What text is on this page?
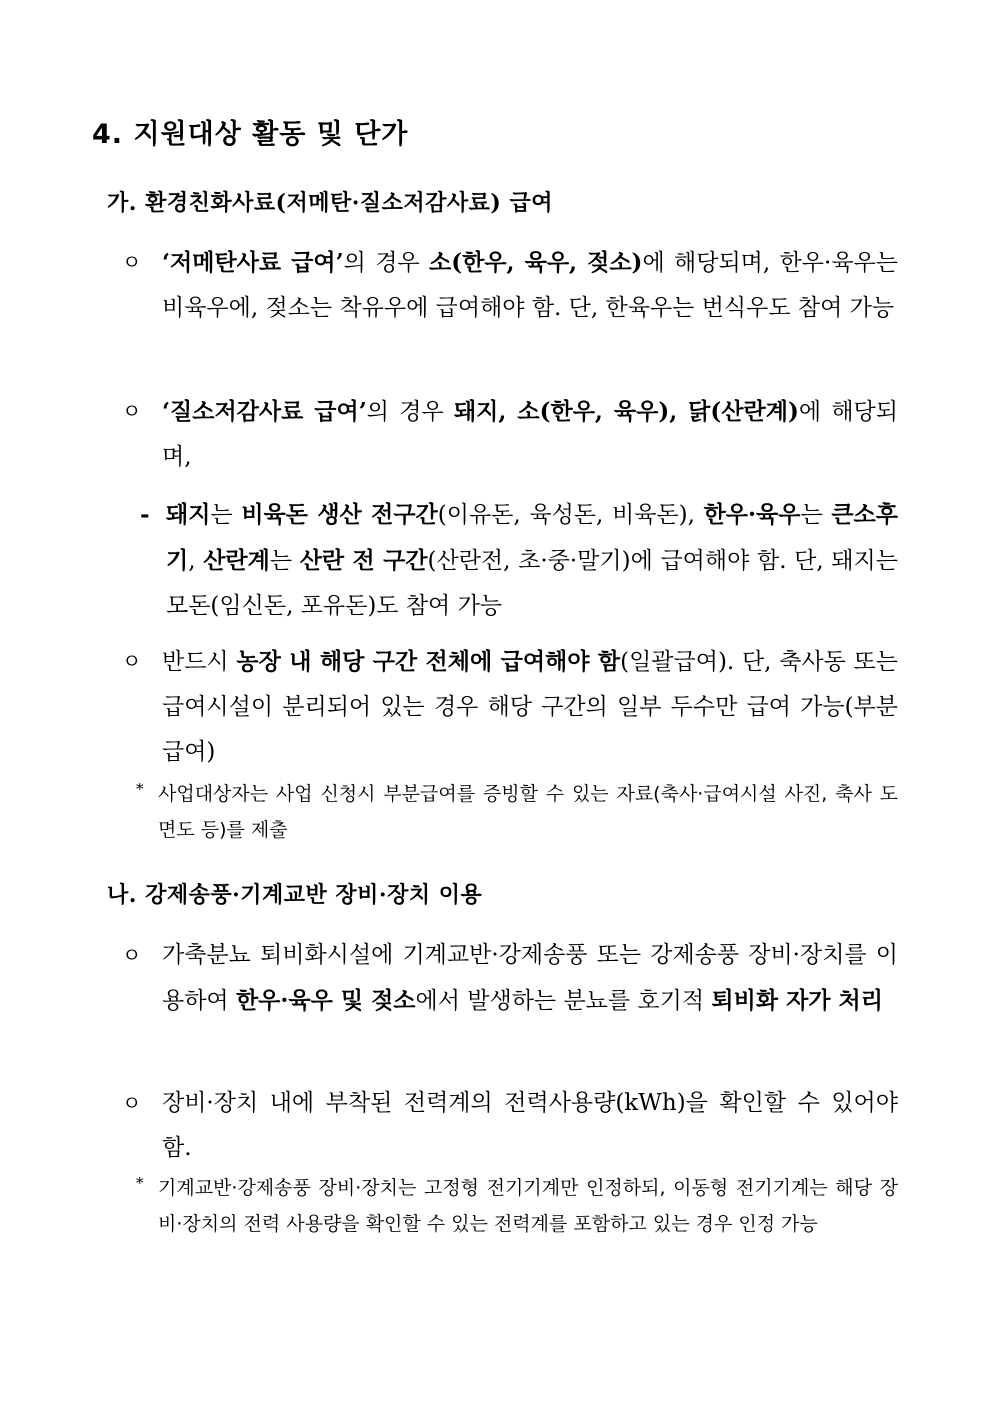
4. 지원대상 활동 및 단가
가. 환경친화사료(저메탄·질소저감사료) 급여
ㅇ ‘저메탄사료 급여’의 경우 소(한우, 육우, 젖소)에 해당되며, 한우·육우는 비육우에, 젖소는 착유우에 급여해야 함. 단, 한육우는 번식우도 참여 가능
ㅇ ‘질소저감사료 급여’의 경우 돼지, 소(한우, 육우), 닭(산란계)에 해당되며,
- 돼지는 비육돈 생산 전구간(이유돈, 육성돈, 비육돈), 한우·육우는 큰소후기, 산란계는 산란 전 구간(산란전, 초·중·말기)에 급여해야 함. 단, 돼지는 모돈(임신돈, 포유돈)도 참여 가능
ㅇ 반드시 농장 내 해당 구간 전체에 급여해야 함(일괄급여). 단, 축사동 또는 급여시설이 분리되어 있는 경우 해당 구간의 일부 두수만 급여 가능(부분급여)
* 사업대상자는 사업 신청시 부분급여를 증빙할 수 있는 자료(축사·급여시설 사진, 축사 도면도 등)를 제출
나. 강제송풍·기계교반 장비·장치 이용
ㅇ 가축분뇨 퇴비화시설에 기계교반·강제송풍 또는 강제송풍 장비·장치를 이용하여 한우·육우 및 젖소에서 발생하는 분뇨를 호기적 퇴비화 자가 처리
ㅇ 장비·장치 내에 부착된 전력계의 전력사용량(kWh)을 확인할 수 있어야 함.
* 기계교반·강제송풍 장비·장치는 고정형 전기기계만 인정하되, 이동형 전기기계는 해당 장비·장치의 전력 사용량을 확인할 수 있는 전력계를 포함하고 있는 경우 인정 가능
